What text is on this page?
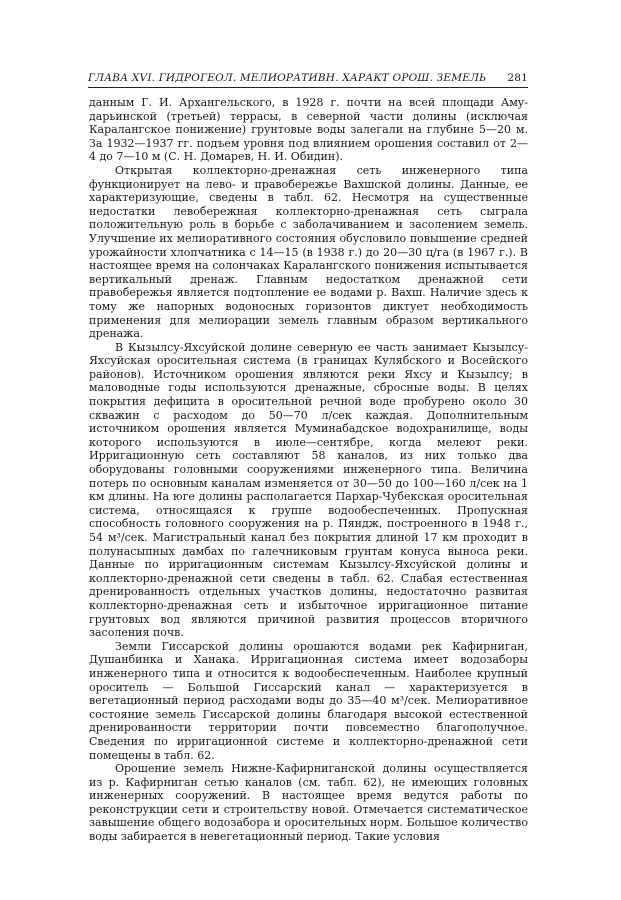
ГЛАВА XVI. ГИДРОГЕОЛ. МЕЛИОРАТИВН. ХАРАКТ ОРОШ. ЗЕМЕЛЬ 281

данным Г. И. Архангельского, в 1928 г. почти на всей площади Аму-дарьинской (третьей) террасы, в северной части долины (исключая Каралангское понижение) грунтовые воды залегали на глубине 5—20 м. За 1932—1937 гг. подъем уровня под влиянием орошения составил от 2—4 до 7—10 м (С. Н. Домарев, Н. И. Обидин).

Открытая коллекторно-дренажная сеть инженерного типа функционирует на лево- и правобережье Вахшской долины. Данные, ее характеризующие, сведены в табл. 62. Несмотря на существенные недостатки левобережная коллекторно-дренажная сеть сыграла положительную роль в борьбе с заболачиванием и засолением земель. Улучшение их мелиоративного состояния обусловило повышение средней урожайности хлопчатника с 14—15 (в 1938 г.) до 20—30 ц/га (в 1967 г.). В настоящее время на солончаках Каралангского понижения испытывается вертикальный дренаж. Главным недостатком дренажной сети правобережья является подтопление ее водами р. Вахш. Наличие здесь к тому же напорных водоносных горизонтов диктует необходимость применения для мелиорации земель главным образом вертикального дренажа.

В Кызылсу-Яхсуйской долине северную ее часть занимает Кызылсу-Яхсуйская оросительная система (в границах Кулябского и Восейского районов). Источником орошения являются реки Яхсу и Кызылсу; в маловодные годы используются дренажные, сбросные воды. В целях покрытия дефицита в оросительной речной воде пробурено около 30 скважин с расходом до 50—70 л/сек каждая. Дополнительным источником орошения является Муминабадское водохранилище, воды которого используются в июле—сентябре, когда мелеют реки. Ирригационную сеть составляют 58 каналов, из них только два оборудованы головными сооружениями инженерного типа. Величина потерь по основным каналам изменяется от 30—50 до 100—160 л/сек на 1 км длины. На юге долины располагается Пархар-Чубекская оросительная система, относящаяся к группе водообеспеченных. Пропускная способность головного сооружения на р. Пяндж, построенного в 1948 г., 54 м³/сек. Магистральный канал без покрытия длиной 17 км проходит в полунасыпных дамбах по галечниковым грунтам конуса выноса реки. Данные по ирригационным системам Кызылсу-Яхсуйской долины и коллекторно-дренажной сети сведены в табл. 62. Слабая естественная дренированность отдельных участков долины, недостаточно развитая коллекторно-дренажная сеть и избыточное ирригационное питание грунтовых вод являются причиной развития процессов вторичного засоления почв.

Земли Гиссарской долины орошаются водами рек Кафирниган, Душанбинка и Ханака. Ирригационная система имеет водозаборы инженерного типа и относится к водообеспеченным. Наиболее крупный ороситель — Большой Гиссарский канал — характеризуется в вегетационный период расходами воды до 35—40 м³/сек. Мелиоративное состояние земель Гиссарской долины благодаря высокой естественной дренированности территории почти повсеместно благополучное. Сведения по ирригационной системе и коллекторно-дренажной сети помещены в табл. 62.

Орошение земель Нижне-Кафирниганской долины осуществляется из р. Кафирниган сетью каналов (см. табл. 62), не имеющих головных инженерных сооружений. В настоящее время ведутся работы по реконструкции сети и строительству новой. Отмечается систематическое завышение общего водозабора и оросительных норм. Большое количество воды забирается в невегетационный период. Такие условия
